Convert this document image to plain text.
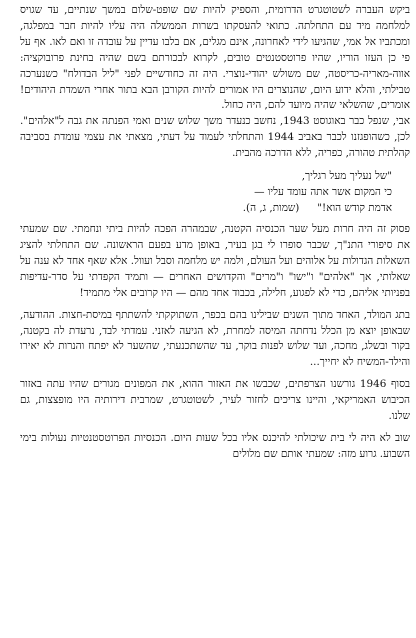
ביקש העברה לשטוטגרט הדרומית, והספיק להיות שם שופט-שלום במשך שנתיים, עד שגויס למלחמה מיד עם התחלתה. כתואי להעסקתו בשרות הממשלה היה עליו להיות חבר במפלגה, ומכתביו אל אמי, שהגיעו לידי לאחרונה, אינם מגלים, אם בלבו עדיין על עובדה זו ואם לאו. אף על פי כן העזו הוריו, שהיו פרוטסטנטים טובים, לקרוא לבכורתם בשם שהיה בחינת פרובוקציה: אווה-מאריה-כריסטה, שם משולש יהודי-נוצרי. היה זה כחודשיים לפני "ליל הבדולח" כשנערכה טבילתי, והלא ידוע היום, שהנוצרים היו אמורים להיות הקורבן הבא בתור אחרי השמדת היהודים! אומרים, שהשלאי שהיה מיועד להם, היה כחול.

אבי, שנפל כבר באוגוסט 1943, נחשב כנעדר משך שלוש שנים ואמי הפנתה את גבה ל"אלהים". לכן, כשהופגזנו לכבר באביב 1944 והתחלתי לעמוד על דעתי, מצאתי את עצמי עומדת בסביבה קהלתית טהורה, כפריה, ללא הדרכה מהבית.

"של נעליך מעל רגליך,
כי המקום אשר אתה עומד עליו —
אדמת קודש הוא!"(שמות, ג, ה).

פסוק זה היה חרות מעל שער הכנסיה הקטנה, שבמהרה הפכה להיות ביתי ונחמתי. שם שמעתי את סיפורי התנ"ך, שכבר סופרו לי בגן בעיר, באופן מדע בפעם הראשונה. שם התחלתי להציג השאלות הגדולות על אלוהים ועל העולם, ולמה יש מלחמה וסבל ועוול. אלא שאף אחד לא ענה על שאלותי, אך "אלהים" ו"ישו" ו"מרים" והקדושים האחרים — ותמיד הקפדתי על סדר-עדיפות בפניותי אליהם, כדי לא לפגוע, חלילה, בכבוד אחד מהם — היו קרובים אלי מתמיד!

בתג המולד, האחד מתוך השנים שבילינו בהם בכפר, השתוקקתי להשתתף במיסת-חצות. ההודעה, שבאופן יוצא מן הכלל נדחתה המיסה למחרת, לא הגיעה לאזני. עמדתי לבד, נרעדת לה בקטנה, בקור ובשלג, מחכה, ועד שלוש לפנות בוקר, עד שהשתכנעתי, שהשער לא יפתח והנרות לא יאירו והילד-המשיח לא יחייך...

בסוף 1946 גורשנו הצרפתים, שכבשו את האזור ההוא, את המפונים מגורים שהיו עתה באזור הכיבוש האמריקאי, והיינו צריכים לחזור לעיר, לשטוטגרט, שמרבית דירותיה היו מופצצות, גם שלנו.

שוב לא היה לי בית שיכולתי להיכנס אליו בכל שעות היום. הכנסיות הפרוטסטנטיות נעולות בימי השבוע. גרוע מזה: שמעתי אותם שם מלולים
